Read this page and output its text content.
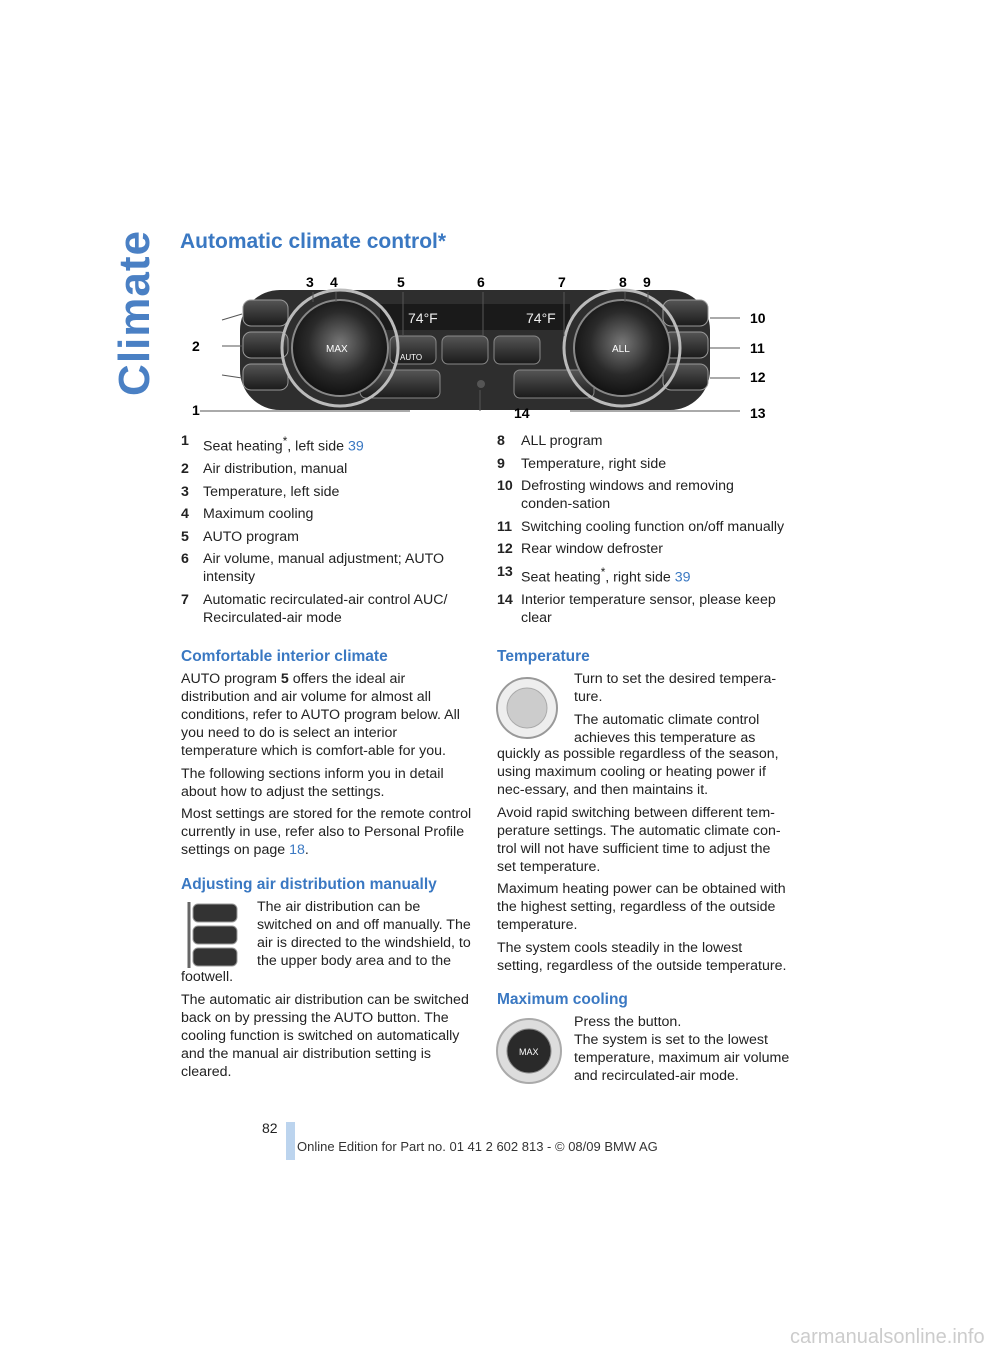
Climate Automatic climate control*
3 4	5	6	7	8 9
1
2
10
11
12
13
14
74°F	74°F
MAX
AUTO
ALL
1 Seat heating*, left side 39
2 Air distribution, manual
3 Temperature, left side
4 Maximum cooling
5 AUTO program
6 Air volume, manual adjustment; AUTO intensity
7 Automatic recirculated-air control AUC/ Recirculated-air mode
8	ALL program
9	Temperature, right side
10 Defrosting windows and removing conden-sation
11 Switching cooling function on/off manually
12 Rear window defroster
13 Seat heating*, right side 39
14 Interior temperature sensor, please keep clear
Comfortable interior climate

AUTO program 5 offers the ideal air distribution and air volume for almost all conditions, refer to AUTO program below. All you need to do is select an interior temperature which is comfort-able for you.

The following sections inform you in detail about how to adjust the settings.

Most settings are stored for the remote control currently in use, refer also to Personal Profile settings on page 18.

Adjusting air distribution manually

The air distribution can be switched on and off manually. The air is directed to the windshield, to the upper body area and to the

footwell.

The automatic air distribution can be switched back on by pressing the AUTO button. The cooling function is switched on automatically and the manual air distribution setting is cleared.

Temperature

Turn to set the desired tempera-ture.

The automatic climate control achieves this temperature as

quickly as possible regardless of the season, using maximum cooling or heating power if nec-essary, and then maintains it.

Avoid rapid switching between different tem-perature settings. The automatic climate con-trol will not have sufficient time to adjust the set temperature.

Maximum heating power can be obtained with the highest setting, regardless of the outside temperature.

The system cools steadily in the lowest setting, regardless of the outside temperature.

Maximum cooling
MAX

Press the button.

The system is set to the lowest temperature, maximum air volume and recirculated-air mode.

82
Online Edition for Part no. 01 41 2 602 813 - © 08/09 BMW AG
carmanualsonline.info
